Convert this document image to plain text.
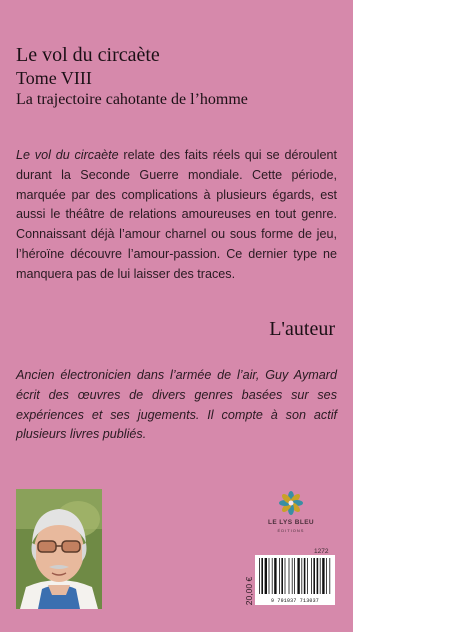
Le vol du circaète
Tome VIII
La trajectoire cahotante de l’homme

Le vol du circaète relate des faits réels qui se déroulent durant la Seconde Guerre mondiale. Cette période, marquée par des complications à plusieurs égards, est aussi le théâtre de relations amoureuses en tout genre. Connaissant déjà l’amour charnel ou sous forme de jeu, l’héroïne découvre l’amour-passion. Ce dernier type ne manquera pas de lui laisser des traces.

L'auteur

Ancien électronicien dans l’armée de l’air, Guy Aymard écrit des œuvres de divers genres basées sur ses expériences et ses jugements. Il compte à son actif plusieurs livres publiés.

LE LYS BLEU
ÉDITIONS
1272
20,00 €	9 791037 713037
